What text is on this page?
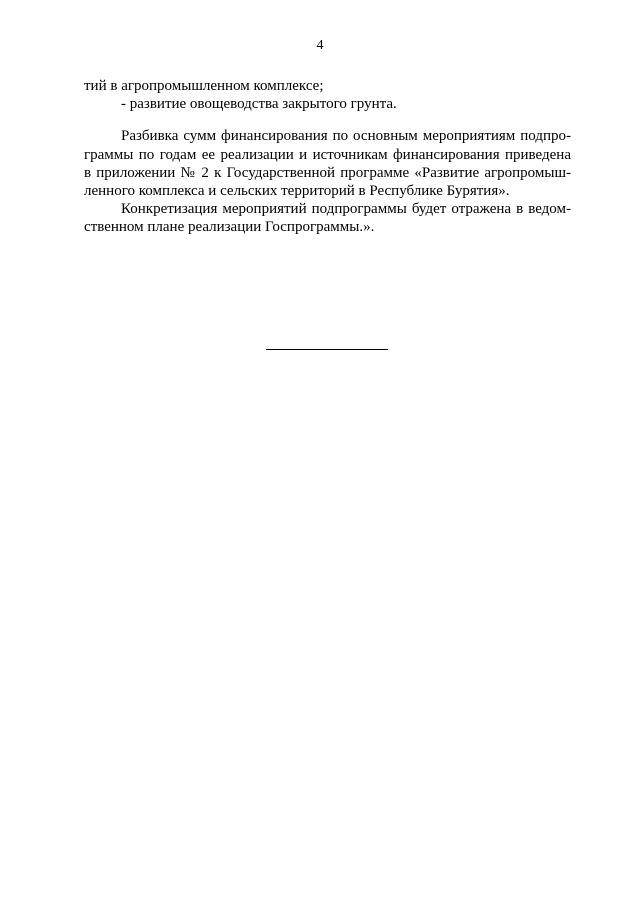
4
тий в агропромышленном комплексе;
- развитие овощеводства закрытого грунта.
Разбивка сумм финансирования по основным мероприятиям подпро-
граммы по годам ее реализации и источникам финансирования приведена
в приложении № 2 к Государственной программе «Развитие агропромыш-
ленного комплекса и сельских территорий в Республике Бурятия».
Конкретизация мероприятий подпрограммы будет отражена в ведом-
ственном плане реализации Госпрограммы.».
